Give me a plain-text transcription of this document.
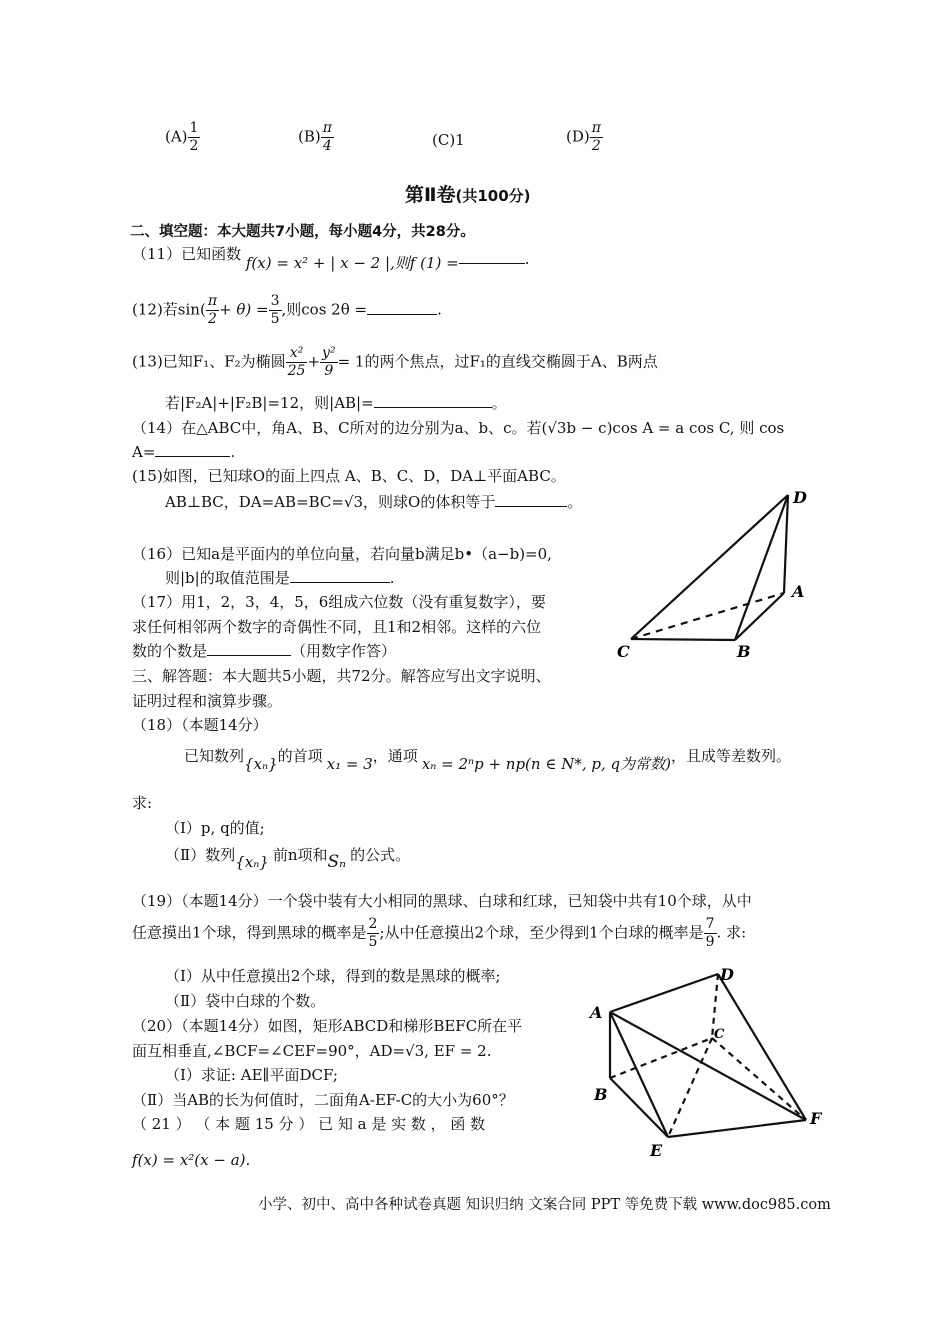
$(A) \frac{1}{2}$	$(B) \frac{\pi}{4}$	(C)1	$(D) \frac{\pi}{2}$
第Ⅱ卷(共100分)
二、填空题：本大题共7小题，每小题4分，共28分。
（11）已知函数 f(x) = x² + | x − 2 |,则f (1) =	.
(12)若$\sin( \frac{\pi}{2} + \theta) = \frac{3}{5}$ ,则cos 2θ =	.
(13)已知F₁、F₂为椭圆 $\frac{\text{x²}}{25} + \frac{\text{y²}}{9} = 1$的两个焦点，过F₁的直线交椭圆于A、B两点
若|F₂A|+|F₂B|=12，则|AB|=	。
（14）在△ABC中，角A、B、C所对的边分别为a、b、c。若(√3b − c)cos A = a cos C, 则 cos
A=	.
(15)如图，已知球O的面上四点 A、B、C、D，DA⊥平面ABC。
AB⊥BC，DA=AB=BC=√3，则球O的体积等于	。	D
A
C	B
（16）已知a是平面内的单位向量，若向量b满足b•（a−b)=0,
则|b|的取值范围是	.
（17）用1，2，3，4，5，6组成六位数（没有重复数字），要
求任何相邻两个数字的奇偶性不同，且1和2相邻。这样的六位
数的个数是	（用数字作答）
三、解答题：本大题共5小题，共72分。解答应写出文字说明、
证明过程和演算步骤。
（18）（本题14分）
已知数列{xₙ}的首项 x₁ = 3，通项 xₙ = 2ⁿp + np(n ∈ N*, p, q为常数)，且成等差数列。
求:
（Ⅰ）p, q的值;
（Ⅱ）数列{xₙ} 前n项和Sₙ 的公式。
（19）（本题14分）一个袋中装有大小相同的黑球、白球和红球，已知袋中共有10个球，从中
任意摸出1个球，得到黑球的概率是 $\frac{2}{5}$ ;从中任意摸出2个球，至少得到1个白球的概率是 $\frac{7}{9}$ . 求:
（Ⅰ）从中任意摸出2个球，得到的数是黑球的概率;
（Ⅱ）袋中白球的个数。
A
D
C
B
F
E
（20）（本题14分）如图，矩形ABCD和梯形BEFC所在平
面互相垂直,∠BCF=∠CEF=90°，AD=√3, EF = 2.
（Ⅰ）求证: AE∥平面DCF;
（Ⅱ）当AB的长为何值时，二面角A-EF-C的大小为60°？
（ 21 ） （ 本 题 15 分 ） 已 知 a 是 实 数 ， 函 数
f(x) = x²(x − a).
小学、初中、高中各种试卷真题 知识归纳 文案合同 PPT 等免费下载 www.doc985.com
